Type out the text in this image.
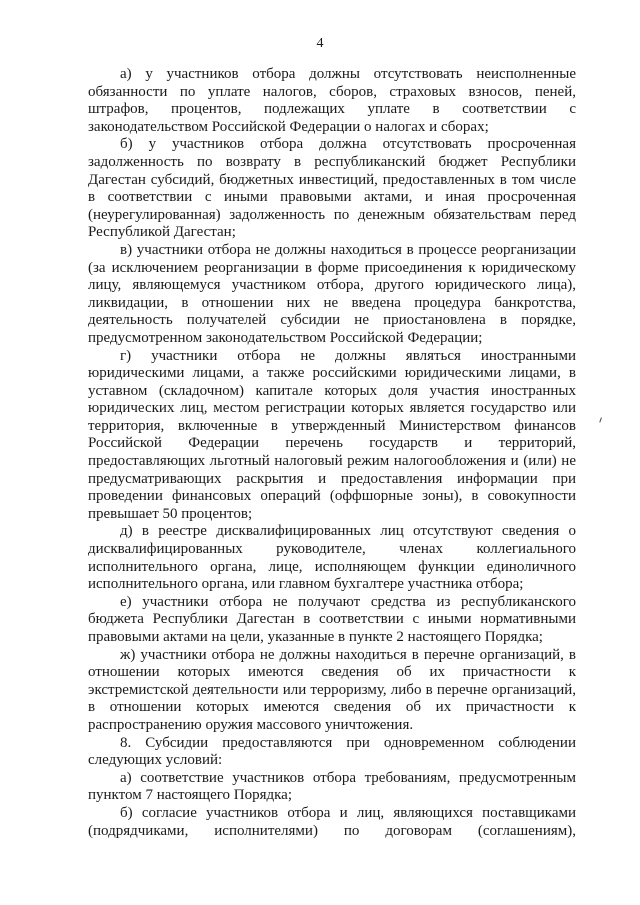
4

а) у участников отбора должны отсутствовать неисполненные обязанности по уплате налогов, сборов, страховых взносов, пеней, штрафов, процентов, подлежащих уплате в соответствии с законодательством Российской Федерации о налогах и сборах;

б) у участников отбора должна отсутствовать просроченная задолженность по возврату в республиканский бюджет Республики Дагестан субсидий, бюджетных инвестиций, предоставленных в том числе в соответствии с иными правовыми актами, и иная просроченная (неурегулированная) задолженность по денежным обязательствам перед Республикой Дагестан;

в) участники отбора не должны находиться в процессе реорганизации (за исключением реорганизации в форме присоединения к юридическому лицу, являющемуся участником отбора, другого юридического лица), ликвидации, в отношении них не введена процедура банкротства, деятельность получателей субсидии не приостановлена в порядке, предусмотренном законодательством Российской Федерации;

г) участники отбора не должны являться иностранными юридическими лицами, а также российскими юридическими лицами, в уставном (складочном) капитале которых доля участия иностранных юридических лиц, местом регистрации которых является государство или территория, включенные в утвержденный Министерством финансов Российской Федерации перечень государств и территорий, предоставляющих льготный налоговый режим налогообложения и (или) не предусматривающих раскрытия и предоставления информации при проведении финансовых операций (оффшорные зоны), в совокупности превышает 50 процентов;

д) в реестре дисквалифицированных лиц отсутствуют сведения о дисквалифицированных руководителе, членах коллегиального исполнительного органа, лице, исполняющем функции единоличного исполнительного органа, или главном бухгалтере участника отбора;

е) участники отбора не получают средства из республиканского бюджета Республики Дагестан в соответствии с иными нормативными правовыми актами на цели, указанные в пункте 2 настоящего Порядка;

ж) участники отбора не должны находиться в перечне организаций, в отношении которых имеются сведения об их причастности к экстремистской деятельности или терроризму, либо в перечне организаций, в отношении которых имеются сведения об их причастности к распространению оружия массового уничтожения.

8. Субсидии предоставляются при одновременном соблюдении следующих условий:

а) соответствие участников отбора требованиям, предусмотренным пунктом 7 настоящего Порядка;

б) согласие участников отбора и лиц, являющихся поставщиками (подрядчиками, исполнителями) по договорам (соглашениям),
